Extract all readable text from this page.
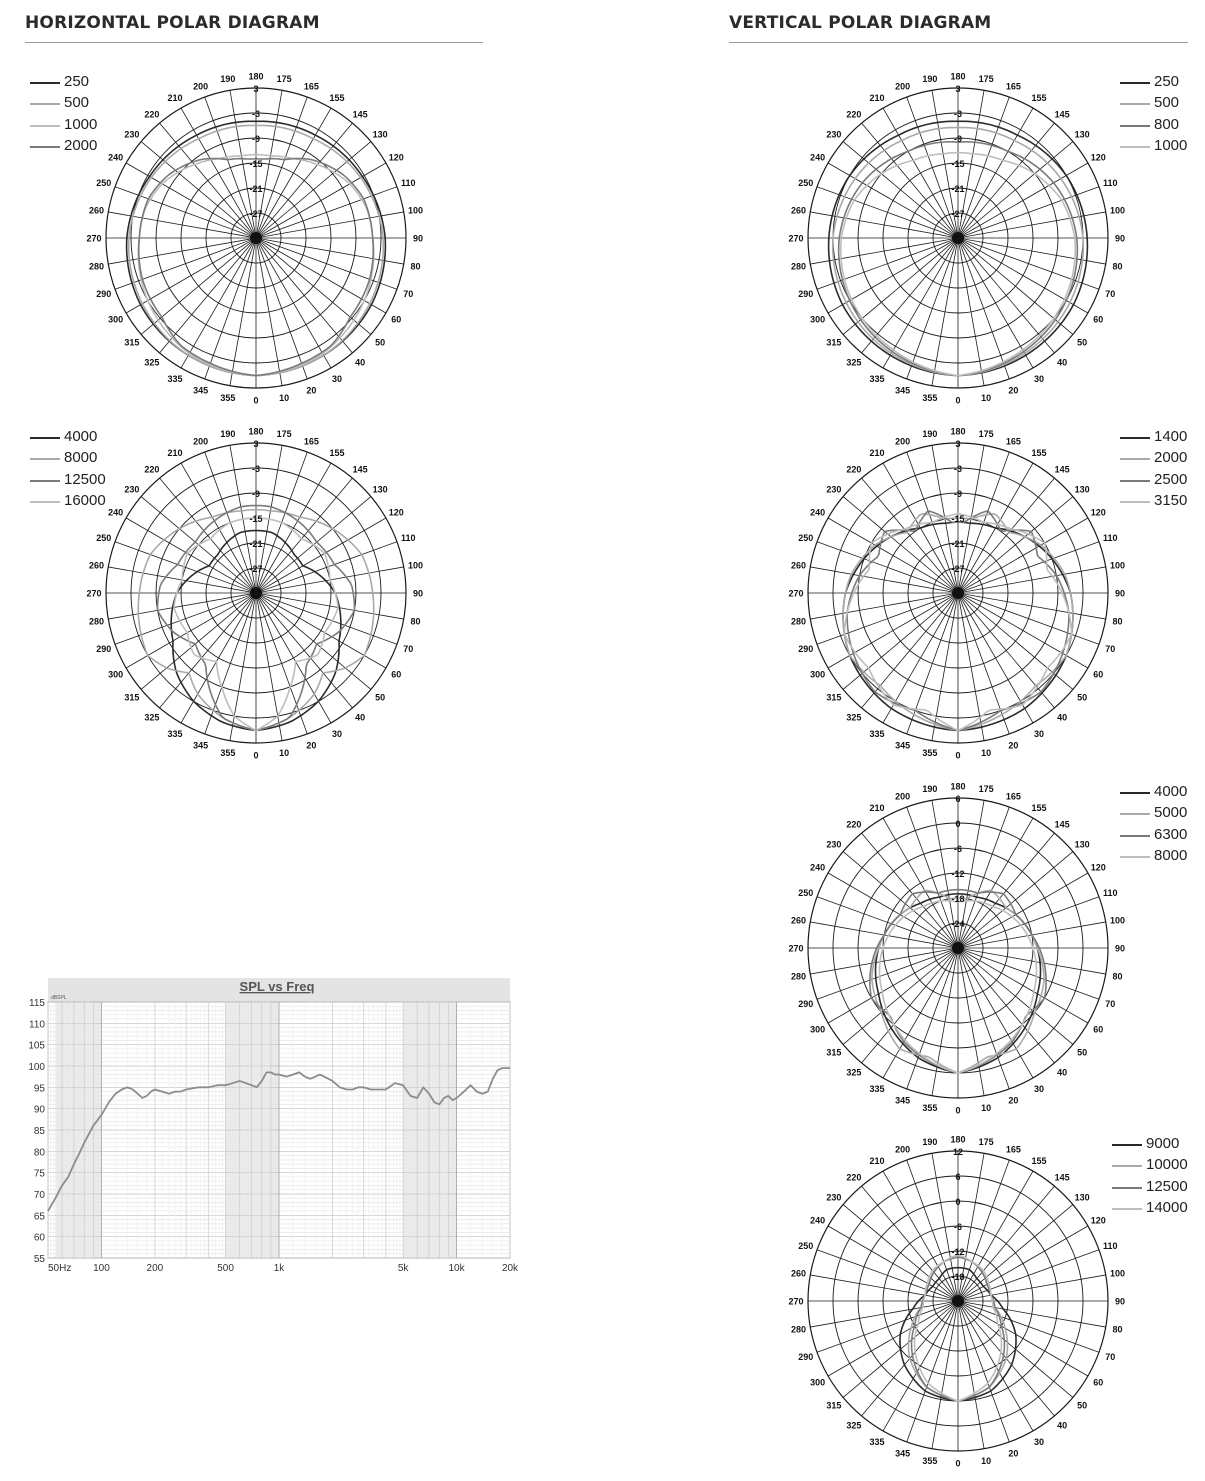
HORIZONTAL POLAR DIAGRAM	VERTICAL POLAR DIAGRAM
3
-3
-9
-15
-21
-27
180 175
165
155
145
130
120
110
100
90
80
70
60
50
40
30
20
10
0
355
345
335
325
315
300
290
280
270
260
250
240
230
220
210
200
190
3
-3
-9
-15
-21
-27
180 175
165
155
145
130
120
110
100
90
80
70
60
50
40
30
20
10
0
355
345
335
325
315
300
290
280
270
260
250
240
230
220
210
200
190
3
-3
-9
-15
-21
-27
180 175
165
155
145
130
120
110
100
90
80
70
60
50
40
30
20
10
0
355
345
335
325
315
300
290
280
270
260
250
240
230
220
210
200
190
3
-3
-9
-15
-21
-27
180 175
165
155
145
130
120
110
100
90
80
70
60
50
40
30
20
10
0
355
345
335
325
315
300
290
280
270
260
250
240
230
220
210
200
190
6
0
-6
-12
-18
-24
180 175
165
155
145
130
120
110
100
90
80
70
60
50
40
30
20
10
0
355
345
335
325
315
300
290
280
270
260
250
240
230
220
210
200
190
12
6
0
-6
-12
-18
180 175
165
155
145
130
120
110
100
90
80
70
60
50
40
30
20
10
0
355
345
335
325
315
300
290
280
270
260
250
240
230
220
210
200
190
250
500
1000
2000
4000
8000
12500
16000
250
500
800
1000
1400
2000
2500
3150
4000
5000
6300
8000
9000
10000
12500
14000
SPL vs Freq
dBSPL
115
110
105
100
95
90
85
80
75
70
65
60
55
50Hz 100	200	500	1k	5k	10k	20k
